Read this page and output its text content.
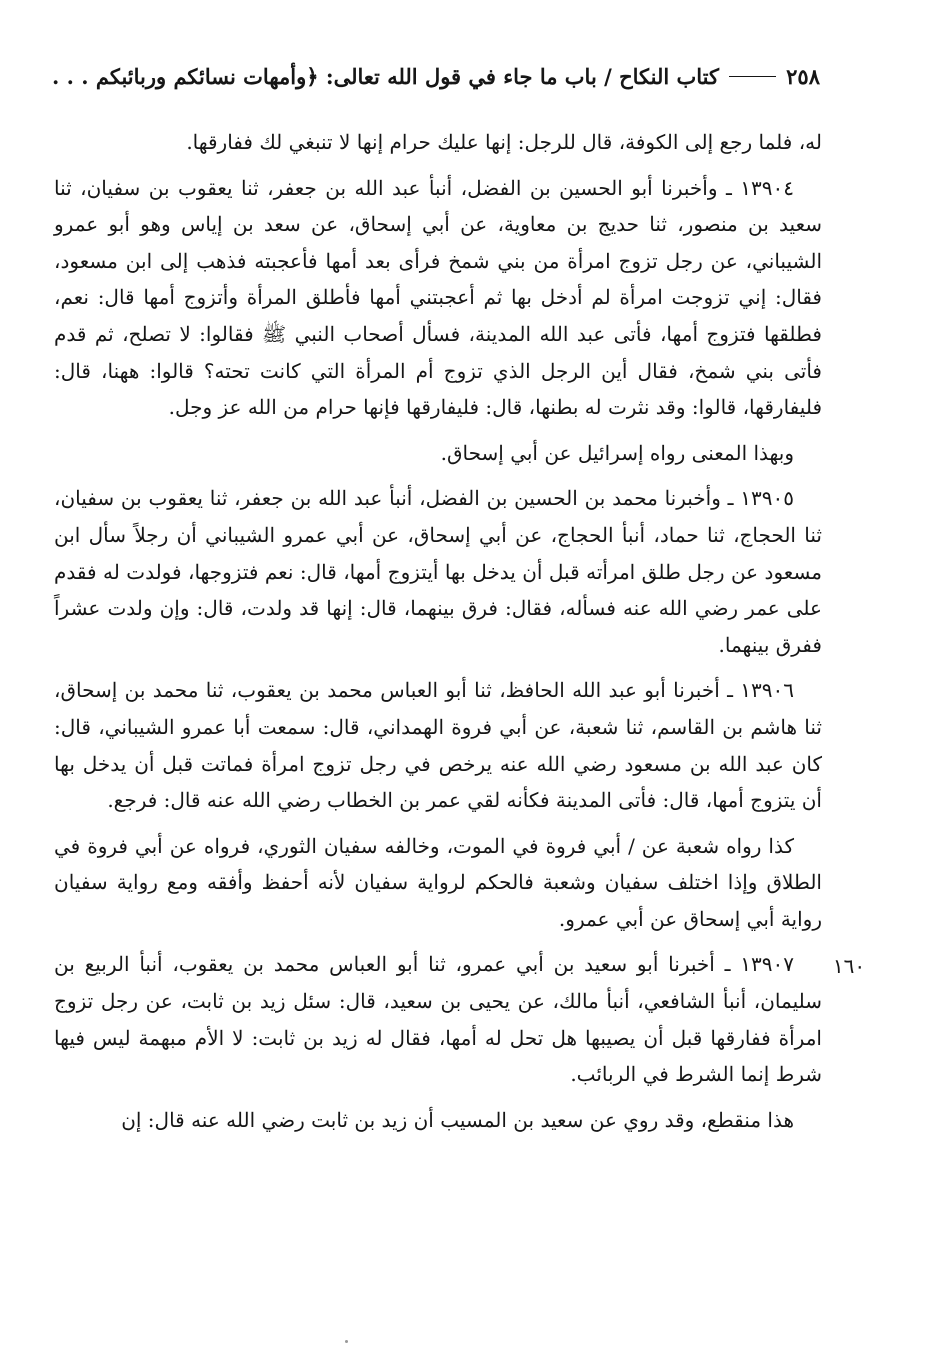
٢٥٨
كتاب النكاح / باب ما جاء في قول الله تعالى: ﴿وأمهات نسائكم وربائبكم . . .

له، فلما رجع إلى الكوفة، قال للرجل: إنها عليك حرام إنها لا تنبغي لك ففارقها.

١٣٩٠٤ ـ وأخبرنا أبو الحسين بن الفضل، أنبأ عبد الله بن جعفر، ثنا يعقوب بن سفيان، ثنا سعيد بن منصور، ثنا حديج بن معاوية، عن أبي إسحاق، عن سعد بن إياس وهو أبو عمرو الشيباني، عن رجل تزوج امرأة من بني شمخ فرأى بعد أمها فأعجبته فذهب إلى ابن مسعود، فقال: إني تزوجت امرأة لم أدخل بها ثم أعجبتني أمها فأطلق المرأة وأتزوج أمها قال: نعم، فطلقها فتزوج أمها، فأتى عبد الله المدينة، فسأل أصحاب النبي ﷺ فقالوا: لا تصلح، ثم قدم فأتى بني شمخ، فقال أين الرجل الذي تزوج أم المرأة التي كانت تحته؟ قالوا: ههنا، قال: فليفارقها، قالوا: وقد نثرت له بطنها، قال: فليفارقها فإنها حرام من الله عز وجل.

وبهذا المعنى رواه إسرائيل عن أبي إسحاق.

١٣٩٠٥ ـ وأخبرنا محمد بن الحسين بن الفضل، أنبأ عبد الله بن جعفر، ثنا يعقوب بن سفيان، ثنا الحجاج، ثنا حماد، أنبأ الحجاج، عن أبي إسحاق، عن أبي عمرو الشيباني أن رجلاً سأل ابن مسعود عن رجل طلق امرأته قبل أن يدخل بها أيتزوج أمها، قال: نعم فتزوجها، فولدت له فقدم على عمر رضي الله عنه فسأله، فقال: فرق بينهما، قال: إنها قد ولدت، قال: وإن ولدت عشراً ففرق بينهما.

١٣٩٠٦ ـ أخبرنا أبو عبد الله الحافظ، ثنا أبو العباس محمد بن يعقوب، ثنا محمد بن إسحاق، ثنا هاشم بن القاسم، ثنا شعبة، عن أبي فروة الهمداني، قال: سمعت أبا عمرو الشيباني، قال: كان عبد الله بن مسعود رضي الله عنه يرخص في رجل تزوج امرأة فماتت قبل أن يدخل بها أن يتزوج أمها، قال: فأتى المدينة فكأنه لقي عمر بن الخطاب رضي الله عنه قال: فرجع.

كذا رواه شعبة عن / أبي فروة في الموت، وخالفه سفيان الثوري، فرواه عن أبي فروة في الطلاق وإذا اختلف سفيان وشعبة فالحكم لرواية سفيان لأنه أحفظ وأفقه ومع رواية سفيان رواية أبي إسحاق عن أبي عمرو.

١٣٩٠٧ ـ أخبرنا أبو سعيد بن أبي عمرو، ثنا أبو العباس محمد بن يعقوب، أنبأ الربيع بن سليمان، أنبأ الشافعي، أنبأ مالك، عن يحيى بن سعيد، قال: سئل زيد بن ثابت، عن رجل تزوج امرأة ففارقها قبل أن يصيبها هل تحل له أمها، فقال له زيد بن ثابت: لا الأم مبهمة ليس فيها شرط إنما الشرط في الربائب.

هذا منقطع، وقد روي عن سعيد بن المسيب أن زيد بن ثابت رضي الله عنه قال: إن

١٦٠
